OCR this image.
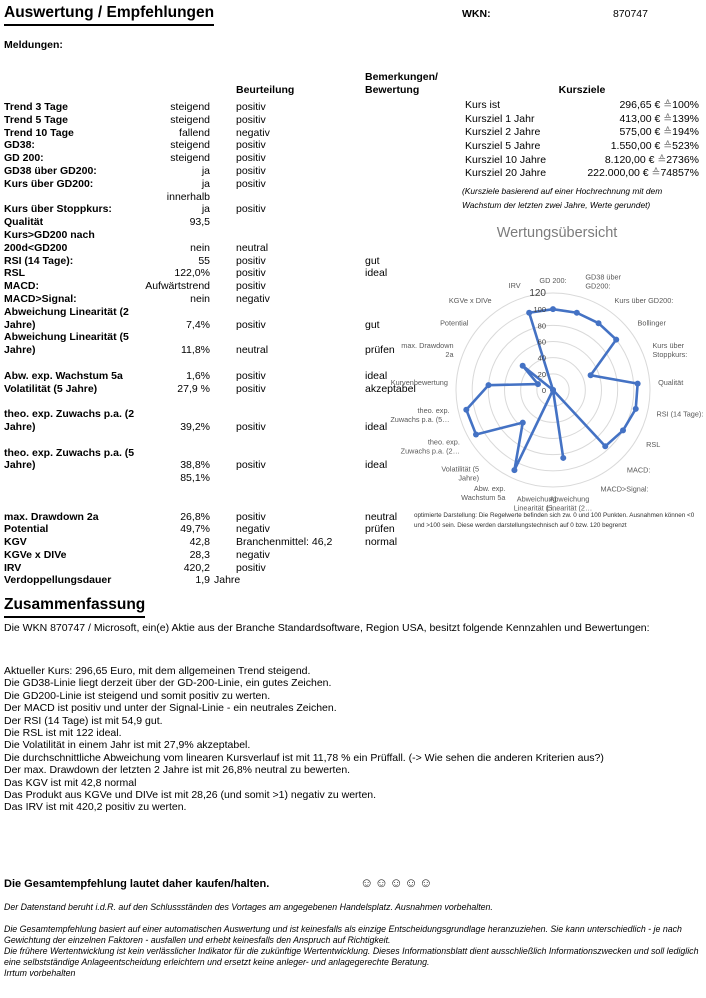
Auswertung / Empfehlungen	WKN:	870747
Meldungen:
Beurteilung
Bemerkungen/
Bewertung	Kursziele
Trend 3 Tage	steigend positiv
Trend 5 Tage	steigend positiv
Trend 10 Tage	fallend negativ
GD38:	steigend positiv
GD 200:	steigend positiv
GD38 über GD200:	ja positiv
Kurs über GD200:	ja positiv
innerhalb
Kurs über Stoppkurs:	ja positiv
Qualität	93,5
Kurs>GD200 nach
200d<GD200	nein neutral
RSI (14 Tage):	55 positiv	gut
RSL	122,0% positiv	ideal
MACD:	Aufwärtstrend positiv
MACD>Signal:	nein negativ
Abweichung Linearität (2
Jahre)	7,4% positiv	gut
Abweichung Linearität (5
Jahre)	11,8% neutral	prüfen
Abw. exp. Wachstum 5a	1,6% positiv	ideal
Volatilität (5 Jahre)	27,9 % positiv	akzeptabel
theo. exp. Zuwachs p.a. (2
Jahre)	39,2% positiv	ideal
theo. exp. Zuwachs p.a. (5
Jahre)	38,8% positiv	ideal
85,1%
max. Drawdown 2a	26,8% positiv	neutral
Potential	49,7% negativ	prüfen
KGV	42,8 Branchenmittel: 46,2	normal
KGVe x DIVe	28,3 negativ
IRV	420,2 positiv
Verdoppellungsdauer	1,9 Jahre
Kurs ist	296,65 € ≙100%
Kursziel 1 Jahr	413,00 € ≙139%
Kursziel 2 Jahre	575,00 € ≙194%
Kursziel 5 Jahre	1.550,00 € ≙523%
Kursziel 10 Jahre	8.120,00 € ≙2736%
Kursziel 20 Jahre	222.000,00 € ≙74857%
(Kursziele basierend auf einer Hochrechnung mit dem
Wachstum der letzten zwei Jahre, Werte gerundet)
Wertungsübersicht
0
20
40
60
80
100
120
GD 200:	GD38 über GD200:
Kurs über GD200:
Bollinger
Kurs über Stoppkurs:
Qualität
RSI (14 Tage):
RSL
MACD:
MACD>Signal:
Abweichung Linearität (2…
Abweichung Linearität (5…
Abw. exp. Wachstum 5a
Volatilität (5 Jahre)
theo. exp. Zuwachs p.a. (2…
theo. exp. Zuwachs p.a. (5…
Kurvenbewertung
max. Drawdown 2a
Potential
KGVe x DIVe
IRV
optimierte Darstellung: Die Regelwerte befinden sich zw. 0 und 100 Punkten. Ausnahmen können <0 und >100 sein. Diese werden darstellungstechnisch auf 0 bzw. 120 begrenzt
Zusammenfassung
Die WKN 870747 / Microsoft, ein(e) Aktie aus der Branche Standardsoftware, Region USA, besitzt folgende Kennzahlen und Bewertungen:
Aktueller Kurs: 296,65 Euro, mit dem allgemeinen Trend steigend.
Die GD38-Linie liegt derzeit über der GD-200-Linie, ein gutes Zeichen.
Die GD200-Linie ist steigend und somit positiv zu werten.
Der MACD ist positiv und unter der Signal-Linie - ein neutrales Zeichen.
Der RSI (14 Tage) ist mit 54,9 gut.
Die RSL ist mit 122 ideal.
Die Volatilität in einem Jahr ist mit 27,9% akzeptabel.
Die durchschnittliche Abweichung vom linearen Kursverlauf ist mit 11,78 % ein Prüffall. (-> Wie sehen die anderen Kriterien aus?)
Der max. Drawdown der letzten 2 Jahre ist mit 26,8% neutral zu bewerten.
Das KGV ist mit 42,8 normal
Das Produkt aus KGVe und DIVe ist mit 28,26 (und somit >1) negativ zu werten.
Das IRV ist mit 420,2 positiv zu werten.
Die Gesamtempfehlung lautet daher kaufen/halten.	☺☺☺☺☺

Der Datenstand beruht i.d.R. auf den Schlussständen des Vortages am angegebenen Handelsplatz. Ausnahmen vorbehalten.

Die Gesamtempfehlung basiert auf einer automatischen Auswertung und ist keinesfalls als einzige Entscheidungsgrundlage heranzuziehen. Sie kann unterschiedlich - je nach Gewichtung der einzelnen Faktoren - ausfallen und erhebt keinesfalls den Anspruch auf Richtigkeit.

Die frühere Wertentwicklung ist kein verlässlicher Indikator für die zukünftige Wertentwicklung. Dieses Informationsblatt dient ausschließlich Informationszwecken und soll lediglich eine selbstständige Anlageentscheidung erleichtern und ersetzt keine anleger- und anlagegerechte Beratung.

Irrtum vorbehalten
